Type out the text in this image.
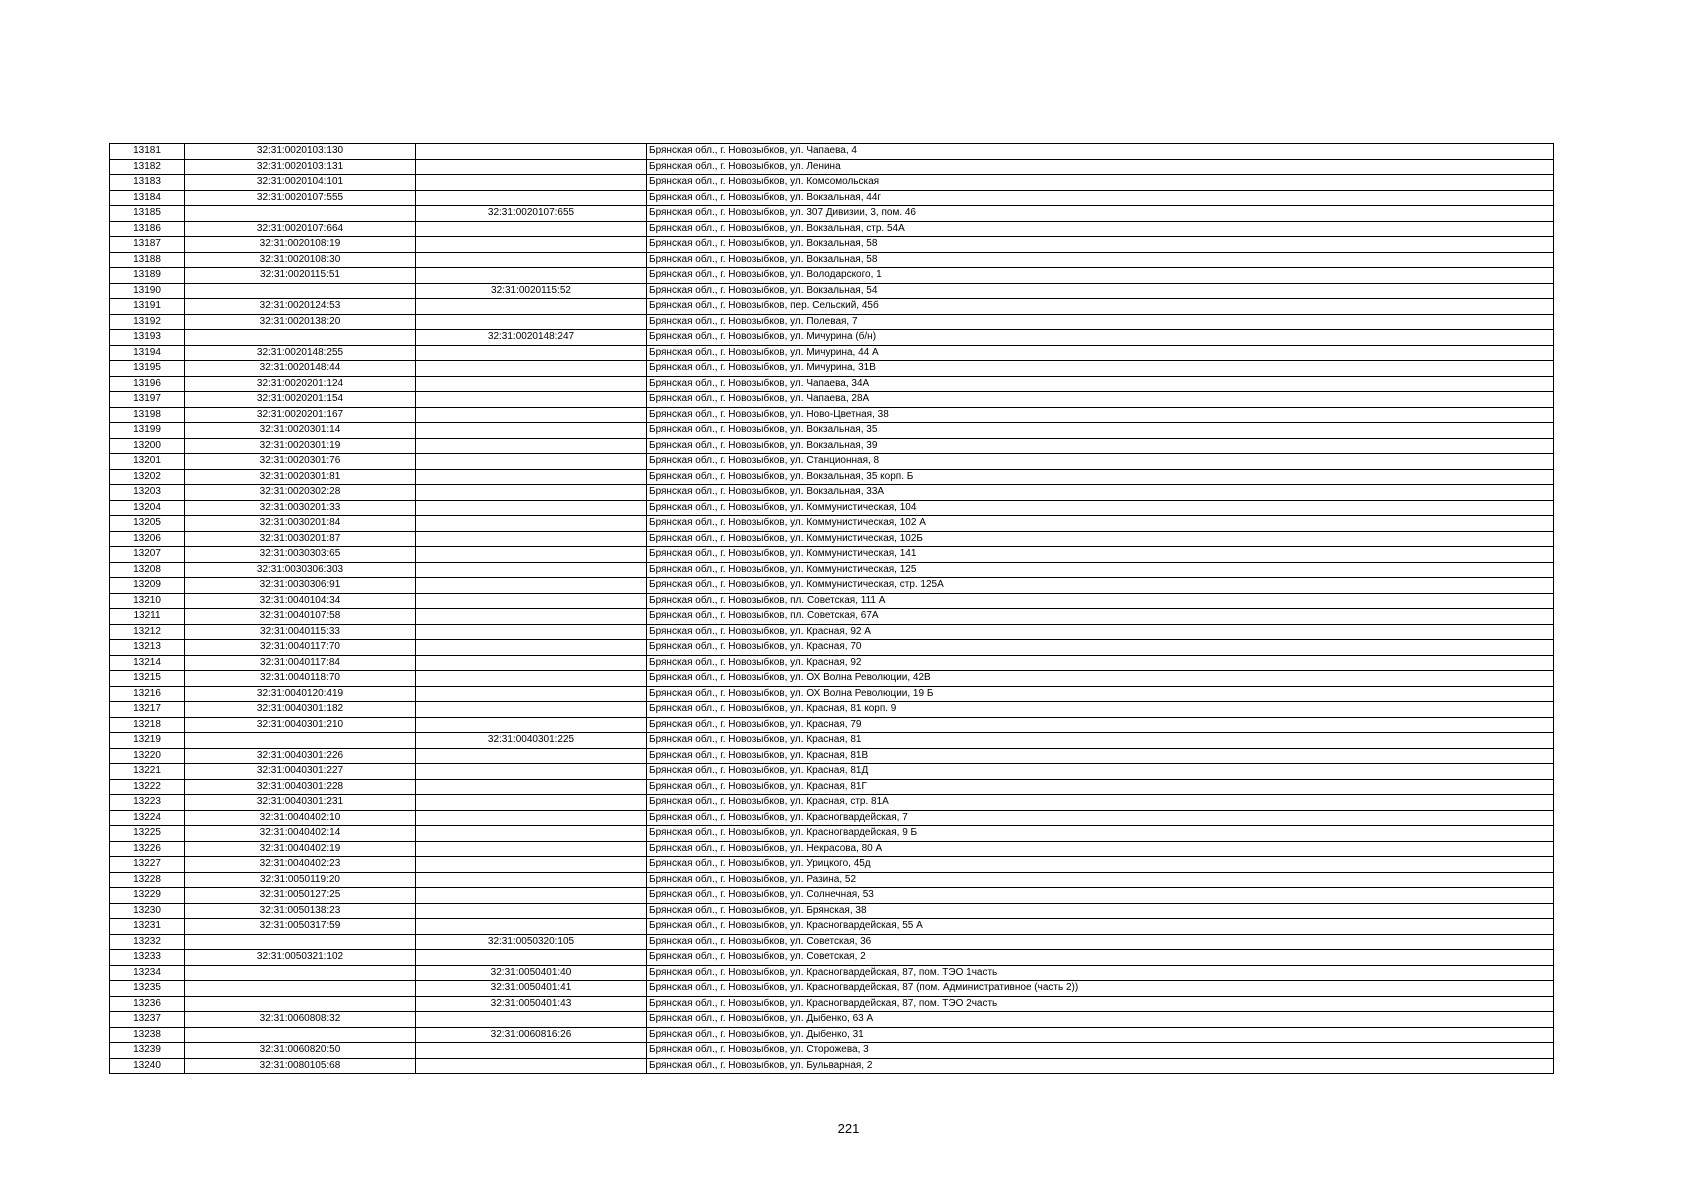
13181	32:31:0020103:130		Брянская обл., г. Новозыбков, ул. Чапаева, 4
13182	32:31:0020103:131		Брянская обл., г. Новозыбков, ул. Ленина
13183	32:31:0020104:101		Брянская обл., г. Новозыбков, ул. Комсомольская
13184	32:31:0020107:555		Брянская обл., г. Новозыбков, ул. Вокзальная, 44г
13185		32:31:0020107:655	Брянская обл., г. Новозыбков, ул. 307 Дивизии, 3, пом. 46
13186	32:31:0020107:664		Брянская обл., г. Новозыбков, ул. Вокзальная, стр. 54А
13187	32:31:0020108:19		Брянская обл., г. Новозыбков, ул. Вокзальная, 58
13188	32:31:0020108:30		Брянская обл., г. Новозыбков, ул. Вокзальная, 58
13189	32:31:0020115:51		Брянская обл., г. Новозыбков, ул. Володарского, 1
13190		32:31:0020115:52	Брянская обл., г. Новозыбков, ул. Вокзальная, 54
13191	32:31:0020124:53		Брянская обл., г. Новозыбков, пер. Сельский, 45б
13192	32:31:0020138:20		Брянская обл., г. Новозыбков, ул. Полевая, 7
13193		32:31:0020148:247	Брянская обл., г. Новозыбков, ул. Мичурина (б/н)
13194	32:31:0020148:255		Брянская обл., г. Новозыбков, ул. Мичурина, 44 А
13195	32:31:0020148:44		Брянская обл., г. Новозыбков, ул. Мичурина, 31В
13196	32:31:0020201:124		Брянская обл., г. Новозыбков, ул. Чапаева, 34А
13197	32:31:0020201:154		Брянская обл., г. Новозыбков, ул. Чапаева, 28А
13198	32:31:0020201:167		Брянская обл., г. Новозыбков, ул. Ново-Цветная, 38
13199	32:31:0020301:14		Брянская обл., г. Новозыбков, ул. Вокзальная, 35
13200	32:31:0020301:19		Брянская обл., г. Новозыбков, ул. Вокзальная, 39
13201	32:31:0020301:76		Брянская обл., г. Новозыбков, ул. Станционная, 8
13202	32:31:0020301:81		Брянская обл., г. Новозыбков, ул. Вокзальная, 35 корп. Б
13203	32:31:0020302:28		Брянская обл., г. Новозыбков, ул. Вокзальная, 33А
13204	32:31:0030201:33		Брянская обл., г. Новозыбков, ул. Коммунистическая, 104
13205	32:31:0030201:84		Брянская обл., г. Новозыбков, ул. Коммунистическая, 102 А
13206	32:31:0030201:87		Брянская обл., г. Новозыбков, ул. Коммунистическая, 102Б
13207	32:31:0030303:65		Брянская обл., г. Новозыбков, ул. Коммунистическая, 141
13208	32:31:0030306:303		Брянская обл., г. Новозыбков, ул. Коммунистическая, 125
13209	32:31:0030306:91		Брянская обл., г. Новозыбков, ул. Коммунистическая, стр. 125А
13210	32:31:0040104:34		Брянская обл., г. Новозыбков, пл. Советская, 111 А
13211	32:31:0040107:58		Брянская обл., г. Новозыбков, пл. Советская, 67А
13212	32:31:0040115:33		Брянская обл., г. Новозыбков, ул. Красная, 92 А
13213	32:31:0040117:70		Брянская обл., г. Новозыбков, ул. Красная, 70
13214	32:31:0040117:84		Брянская обл., г. Новозыбков, ул. Красная, 92
13215	32:31:0040118:70		Брянская обл., г. Новозыбков, ул. ОХ Волна Революции, 42В
13216	32:31:0040120:419		Брянская обл., г. Новозыбков, ул. ОХ Волна Революции, 19 Б
13217	32:31:0040301:182		Брянская обл., г. Новозыбков, ул. Красная, 81 корп. 9
13218	32:31:0040301:210		Брянская обл., г. Новозыбков, ул. Красная, 79
13219		32:31:0040301:225	Брянская обл., г. Новозыбков, ул. Красная, 81
13220	32:31:0040301:226		Брянская обл., г. Новозыбков, ул. Красная, 81В
13221	32:31:0040301:227		Брянская обл., г. Новозыбков, ул. Красная, 81Д
13222	32:31:0040301:228		Брянская обл., г. Новозыбков, ул. Красная, 81Г
13223	32:31:0040301:231		Брянская обл., г. Новозыбков, ул. Красная, стр. 81А
13224	32:31:0040402:10		Брянская обл., г. Новозыбков, ул. Красногвардейская, 7
13225	32:31:0040402:14		Брянская обл., г. Новозыбков, ул. Красногвардейская, 9 Б
13226	32:31:0040402:19		Брянская обл., г. Новозыбков, ул. Некрасова, 80 А
13227	32:31:0040402:23		Брянская обл., г. Новозыбков, ул. Урицкого, 45д
13228	32:31:0050119:20		Брянская обл., г. Новозыбков, ул. Разина, 52
13229	32:31:0050127:25		Брянская обл., г. Новозыбков, ул. Солнечная, 53
13230	32:31:0050138:23		Брянская обл., г. Новозыбков, ул. Брянская, 38
13231	32:31:0050317:59		Брянская обл., г. Новозыбков, ул. Красногвардейская, 55 А
13232		32:31:0050320:105	Брянская обл., г. Новозыбков, ул. Советская, 36
13233	32:31:0050321:102		Брянская обл., г. Новозыбков, ул. Советская, 2
13234		32:31:0050401:40	Брянская обл., г. Новозыбков, ул. Красногвардейская, 87, пом. ТЭО 1часть
13235		32:31:0050401:41	Брянская обл., г. Новозыбков, ул. Красногвардейская, 87 (пом. Административное (часть 2))
13236		32:31:0050401:43	Брянская обл., г. Новозыбков, ул. Красногвардейская, 87, пом. ТЭО 2часть
13237	32:31:0060808:32		Брянская обл., г. Новозыбков, ул. Дыбенко, 63 А
13238		32:31:0060816:26	Брянская обл., г. Новозыбков, ул. Дыбенко, 31
13239	32:31:0060820:50		Брянская обл., г. Новозыбков, ул. Сторожева, 3
13240	32:31:0080105:68		Брянская обл., г. Новозыбков, ул. Бульварная, 2
221
